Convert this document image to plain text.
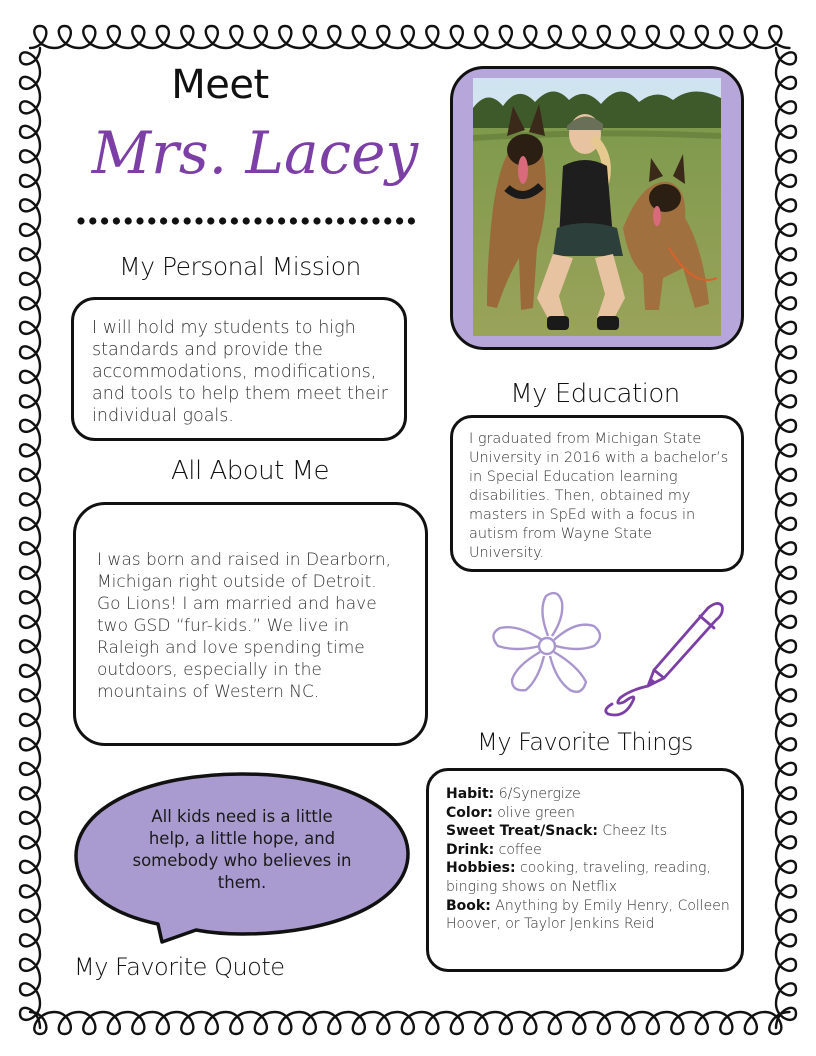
Meet
Mrs. Lacey
My Personal Mission

I will hold my students to high standards and provide the accommodations, modifications, and tools to help them meet their individual goals.

All About Me

I was born and raised in Dearborn, Michigan right outside of Detroit. Go Lions! I am married and have two GSD “fur-kids.” We live in Raleigh and love spending time outdoors, especially in the mountains of Western NC.

My Education

I graduated from Michigan State University in 2016 with a bachelor’s in Special Education learning disabilities. Then, obtained my masters in SpEd with a focus in autism from Wayne State University.

My Favorite Things

Habit: 6/Synergize

Color: olive green

Sweet Treat/Snack: Cheez Its

Drink: coffee

Hobbies: cooking, traveling, reading, binging shows on Netflix

Book: Anything by Emily Henry, Colleen Hoover, or Taylor Jenkins Reid

All kids need is a little help, a little hope, and somebody who believes in them.
My Favorite Quote
